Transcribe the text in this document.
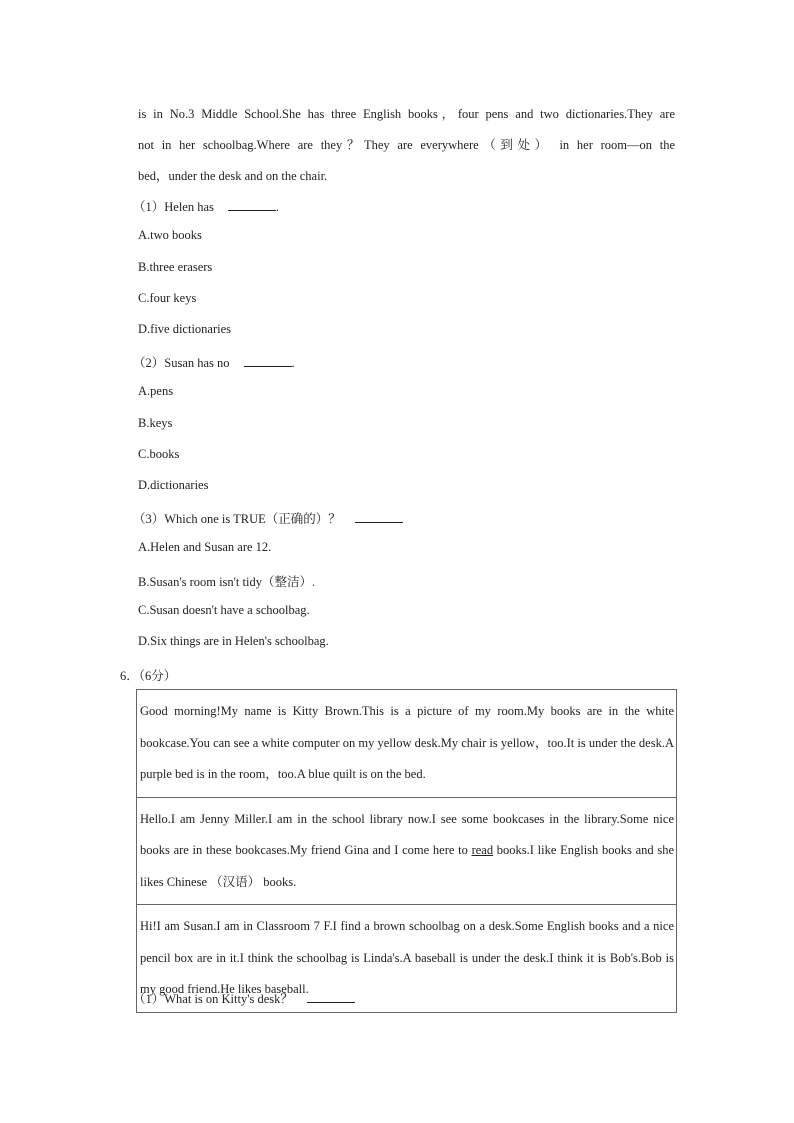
is in No.3 Middle School.She has three English books，four pens and two dictionaries.They are
not in her schoolbag.Where are they？They are everywhere（到处） in her room—on the
bed，under the desk and on the chair.
（1）Helen has	.
A.two books
B.three erasers
C.four keys
D.five dictionaries
（2）Susan has no	.
A.pens
B.keys
C.books
D.dictionaries
（3）Which one is TRUE（正确的）？
A.Helen and Susan are 12.
B.Susan's room isn't tidy（整洁）.
C.Susan doesn't have a schoolbag.
D.Six things are in Helen's schoolbag.
6．（6分）
Good morning!My name is Kitty Brown.This is a picture of my room.My books are in the white bookcase.You can see a white computer on my yellow desk.My chair is yellow，too.It is under the desk.A purple bed is in the room，too.A blue quilt is on the bed.
Hello.I am Jenny Miller.I am in the school library now.I see some bookcases in the library.Some nice books are in these bookcases.My friend Gina and I come here to read books.I like English books and she likes Chinese （汉语） books.
Hi!I am Susan.I am in Classroom 7 F.I find a brown schoolbag on a desk.Some English books and a nice pencil box are in it.I think the schoolbag is Linda's.A baseball is under the desk.I think it is Bob's.Bob is my good friend.He likes baseball.
（1）What is on Kitty's desk？
